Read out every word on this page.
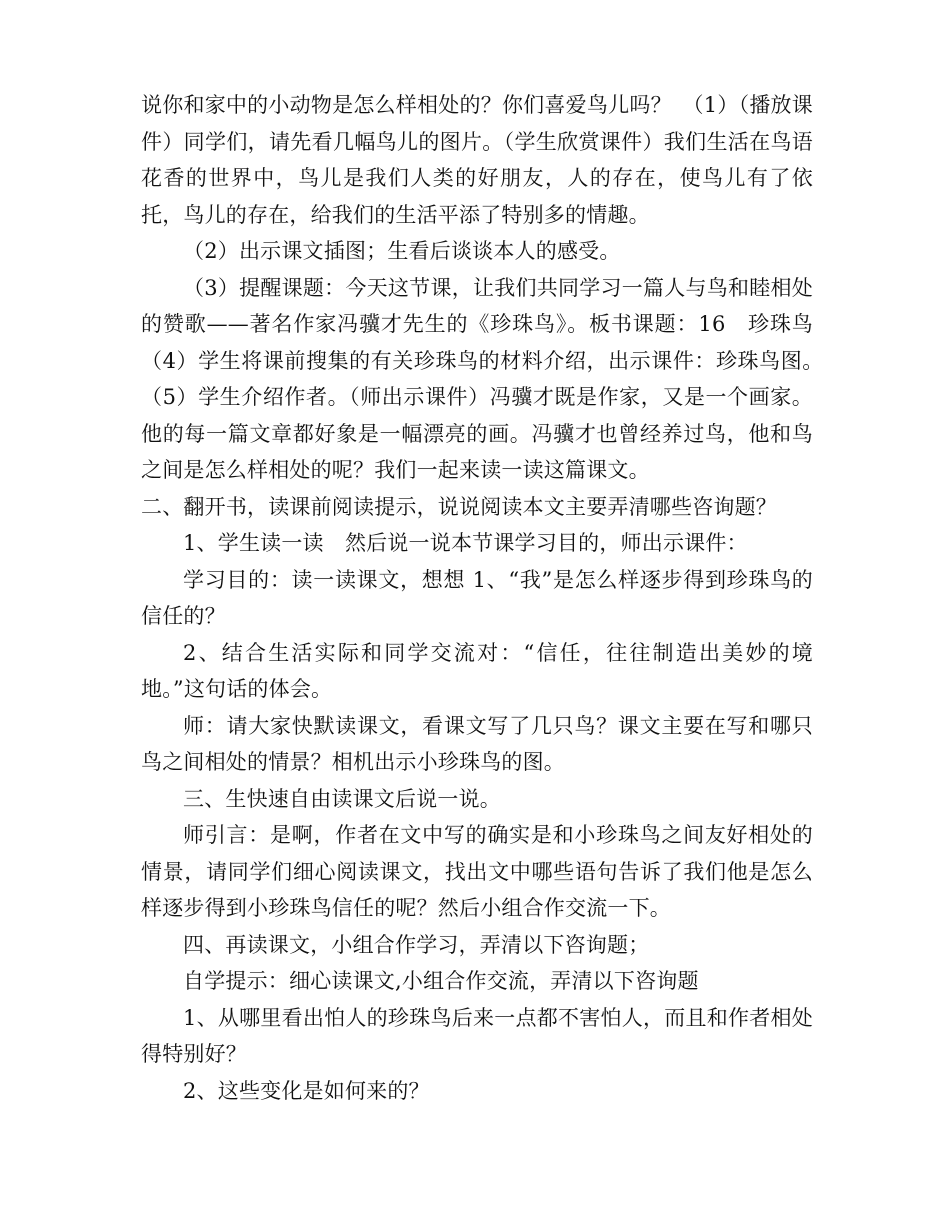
说你和家中的小动物是怎么样相处的？你们喜爱鸟儿吗？　（1）（播放课件）同学们，请先看几幅鸟儿的图片。（学生欣赏课件）我们生活在鸟语花香的世界中，鸟儿是我们人类的好朋友，人的存在，使鸟儿有了依托，鸟儿的存在，给我们的生活平添了特别多的情趣。

（2）出示课文插图；生看后谈谈本人的感受。

（3）提醒课题：今天这节课，让我们共同学习一篇人与鸟和睦相处的赞歌——著名作家冯骥才先生的《珍珠鸟》。板书课题：16　珍珠鸟　（4）学生将课前搜集的有关珍珠鸟的材料介绍，出示课件：珍珠鸟图。　（5）学生介绍作者。（师出示课件）冯骥才既是作家，又是一个画家。他的每一篇文章都好象是一幅漂亮的画。冯骥才也曾经养过鸟，他和鸟之间是怎么样相处的呢？我们一起来读一读这篇课文。

二、翻开书，读课前阅读提示，说说阅读本文主要弄清哪些咨询题？

1、学生读一读　然后说一说本节课学习目的，师出示课件：

学习目的：读一读课文，想想 1、“我”是怎么样逐步得到珍珠鸟的信任的？

2、结合生活实际和同学交流对：“信任，往往制造出美妙的境地。”这句话的体会。

师：请大家快默读课文，看课文写了几只鸟？课文主要在写和哪只鸟之间相处的情景？相机出示小珍珠鸟的图。

三、生快速自由读课文后说一说。

师引言：是啊，作者在文中写的确实是和小珍珠鸟之间友好相处的情景，请同学们细心阅读课文，找出文中哪些语句告诉了我们他是怎么样逐步得到小珍珠鸟信任的呢？然后小组合作交流一下。

四、再读课文，小组合作学习，弄清以下咨询题；

自学提示：细心读课文,小组合作交流，弄清以下咨询题

1、从哪里看出怕人的珍珠鸟后来一点都不害怕人，而且和作者相处得特别好？

2、这些变化是如何来的？
